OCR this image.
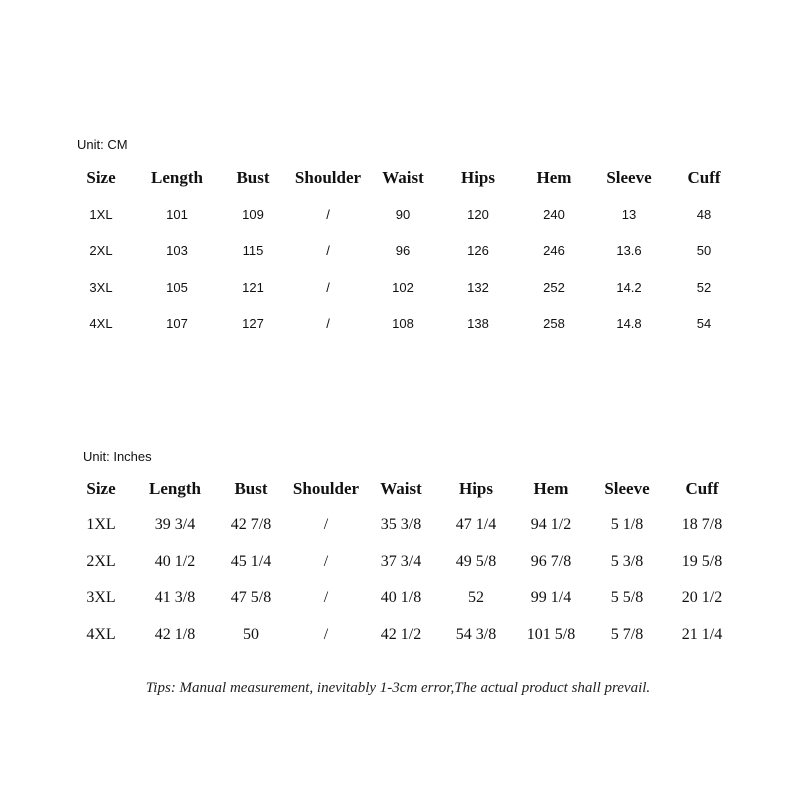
Unit: CM
Size	Length	Bust	Shoulder	Waist	Hips	Hem	Sleeve	Cuff
1XL	101	109	/	90	120	240	13	48
2XL	103	115	/	96	126	246	13.6	50
3XL	105	121	/	102	132	252	14.2	52
4XL	107	127	/	108	138	258	14.8	54
Unit: Inches
Size	Length	Bust	Shoulder	Waist	Hips	Hem	Sleeve	Cuff
1XL	39 3/4	42 7/8	/	35 3/8	47 1/4	94 1/2	5 1/8	18 7/8
2XL	40 1/2	45 1/4	/	37 3/4	49 5/8	96 7/8	5 3/8	19 5/8
3XL	41 3/8	47 5/8	/	40 1/8	52	99 1/4	5 5/8	20 1/2
4XL	42 1/8	50	/	42 1/2	54 3/8	101 5/8	5 7/8	21 1/4
Tips: Manual measurement, inevitably 1-3cm error,The actual product shall prevail.
